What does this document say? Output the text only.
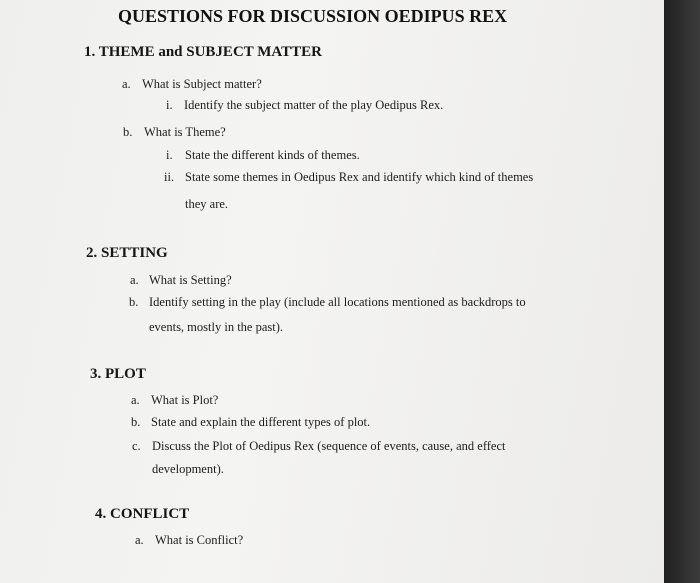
QUESTIONS FOR DISCUSSION OEDIPUS REX
1. THEME and SUBJECT MATTER
a. What is Subject matter?
i. Identify the subject matter of the play Oedipus Rex.
b. What is Theme?
i. State the different kinds of themes.
ii. State some themes in Oedipus Rex and identify which kind of themes
they are.
2. SETTING
a. What is Setting?
b. Identify setting in the play (include all locations mentioned as backdrops to
events, mostly in the past).
3. PLOT
a. What is Plot?
b. State and explain the different types of plot.
c. Discuss the Plot of Oedipus Rex (sequence of events, cause, and effect
development).
4. CONFLICT
a. What is Conflict?
